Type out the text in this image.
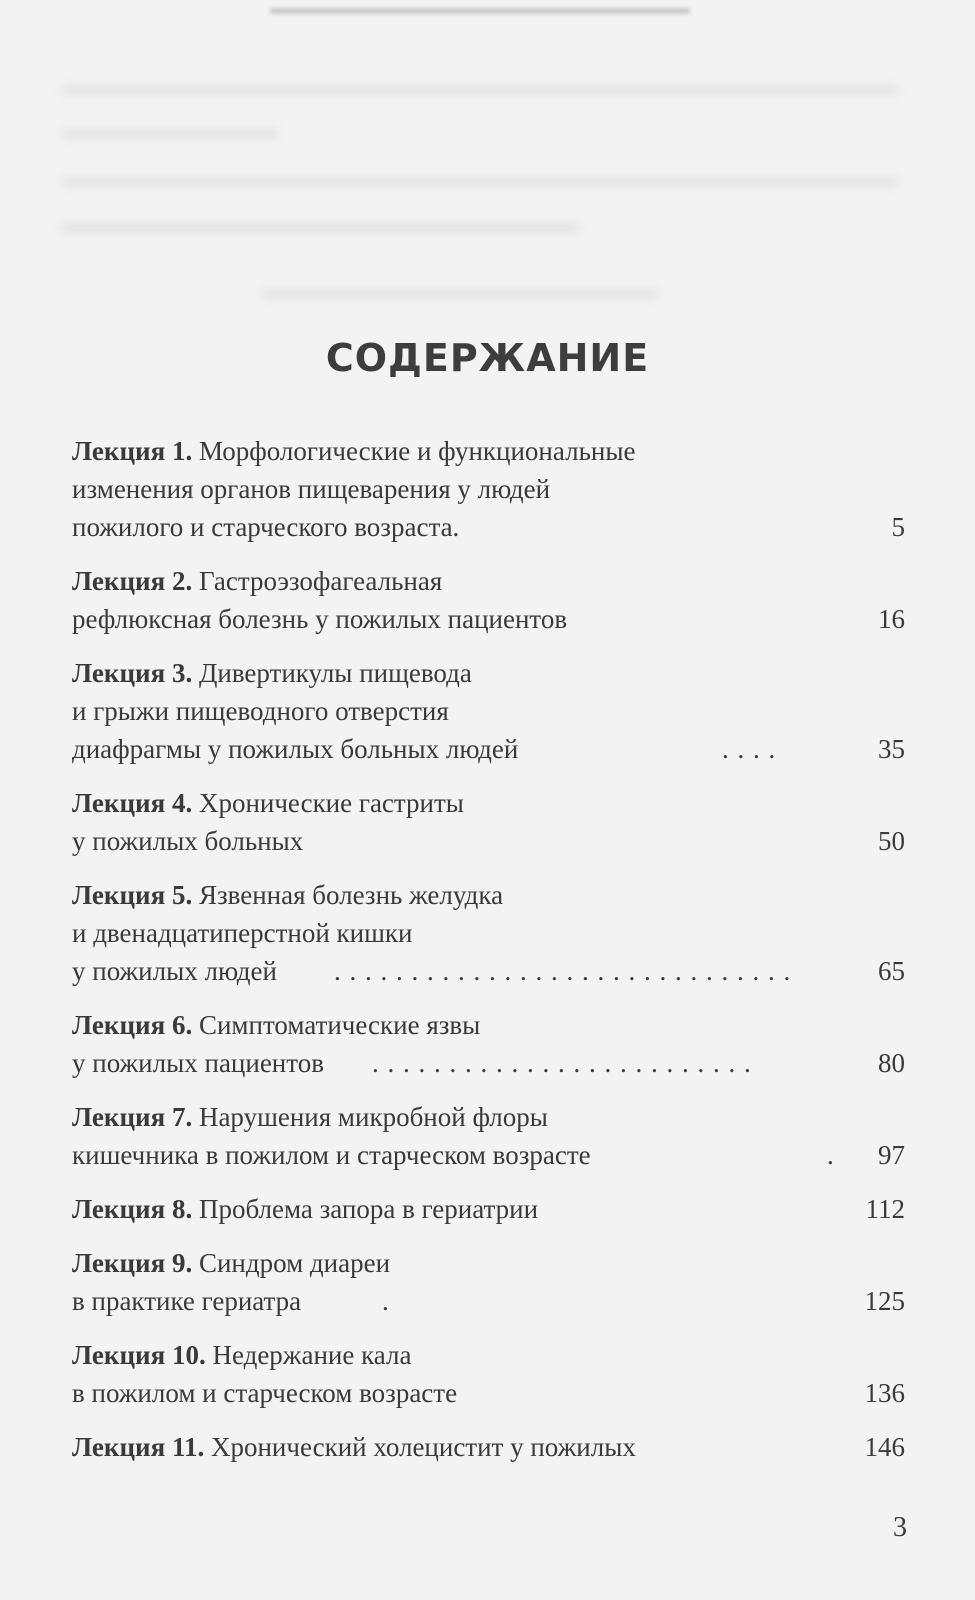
СОДЕРЖАНИЕ
Лекция 1. Морфологические и функциональные
изменения органов пищеварения у людей
пожилого и старческого возраста.	5
Лекция 2. Гастроэзофагеальная
рефлюксная болезнь у пожилых пациентов	16
Лекция 3. Дивертикулы пищевода
и грыжи пищеводного отверстия
диафрагмы у пожилых больных людей	. . . .	35
Лекция 4. Хронические гастриты
у пожилых больных	50
Лекция 5. Язвенная болезнь желудка
и двенадцатиперстной кишки
у пожилых людей . . . . . . . . . . . . . . . . . . . . . . . . . . . . . .	65
Лекция 6. Симптоматические язвы
у пожилых пациентов . . . . . . . . . . . . . . . . . . . . . . . . .	80
Лекция 7. Нарушения микробной флоры
кишечника в пожилом и старческом возрасте	. 97
Лекция 8. Проблема запора в гериатрии	112
Лекция 9. Синдром диареи
в практике гериатра	.	125
Лекция 10. Недержание кала
в пожилом и старческом возрасте	136
Лекция 11. Хронический холецистит у пожилых	146
3
